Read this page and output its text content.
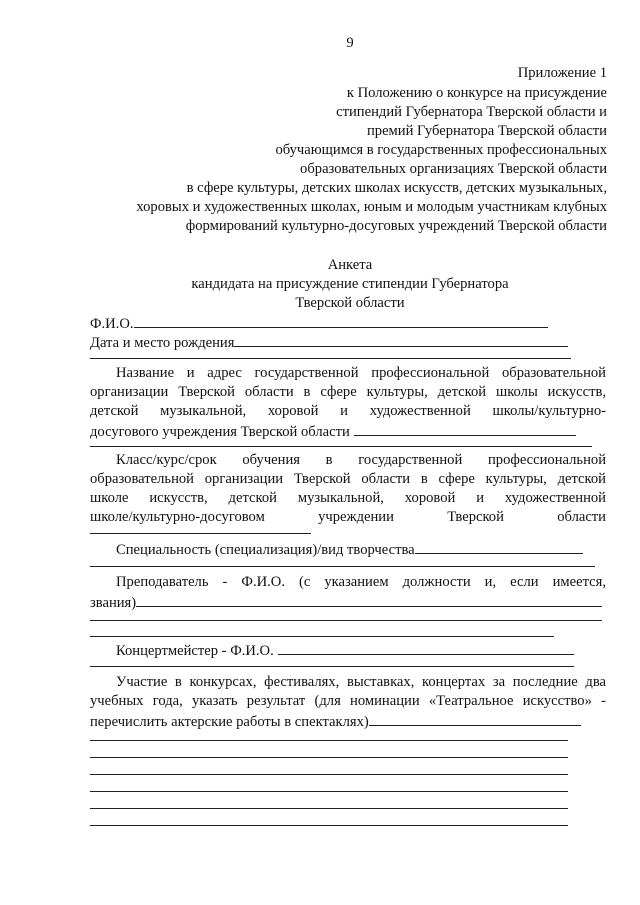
9
Приложение 1
к Положению о конкурсе на присуждение
стипендий Губернатора Тверской области и
премий Губернатора Тверской области
обучающимся в государственных профессиональных
образовательных организациях Тверской области
в сфере культуры, детских школах искусств, детских музыкальных,
хоровых и художественных школах, юным и молодым участникам клубных
формирований культурно-досуговых учреждений Тверской области
Анкета
кандидата на присуждение стипендии Губернатора
Тверской области
Ф.И.О.
Дата и место рождения
Название и адрес государственной профессиональной образовательной
организации Тверской области в сфере культуры, детской школы искусств,
детской музыкальной, хоровой и художественной школы/культурно-
досугового учреждения Тверской области
Класс/курс/срок обучения в государственной профессиональной
образовательной организации Тверской области в сфере культуры, детской
школе искусств, детской музыкальной, хоровой и художественной
школе/культурно-досуговом учреждении Тверской области
Специальность (специализация)/вид творчества
Преподаватель - Ф.И.О. (с указанием должности и, если имеется,
звания)
Концертмейстер - Ф.И.О.
Участие в конкурсах, фестивалях, выставках, концертах за последние два
учебных года, указать результат (для номинации «Театральное искусство» -
перечислить актерские работы в спектаклях)
